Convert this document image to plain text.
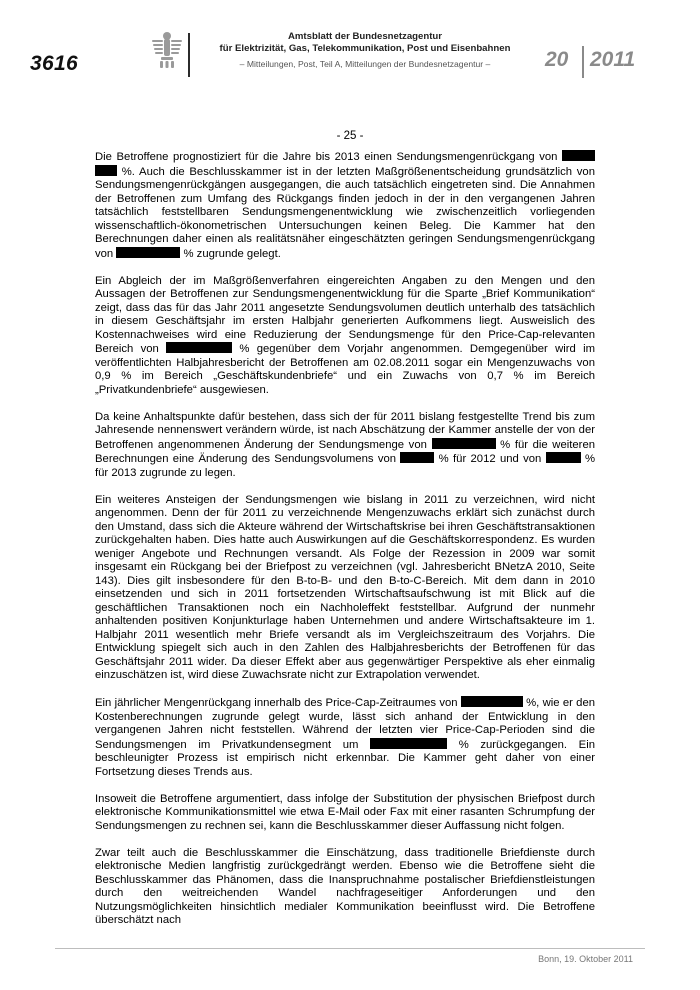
3616
Amtsblatt der Bundesnetzagentur
für Elektrizität, Gas, Telekommunikation, Post und Eisenbahnen
– Mitteilungen, Post, Teil A, Mitteilungen der Bundesnetzagentur –	20 2011
- 25 -

Die Betroffene prognostiziert für die Jahre bis 2013 einen Sendungsmengenrückgang von   %. Auch die Beschlusskammer ist in der letzten Maßgrößenentscheidung grundsätzlich von Sendungsmengenrückgängen ausgegangen, die auch tatsächlich eingetreten sind. Die Annahmen der Betroffenen zum Umfang des Rückgangs finden jedoch in der in den vergangenen Jahren tatsächlich feststellbaren Sendungsmengenentwicklung wie zwischenzeitlich vorliegenden wissenschaftlich-ökonometrischen Untersuchungen keinen Beleg. Die Kammer hat den Berechnungen daher einen als realitätsnäher eingeschätzten geringen Sendungsmengenrückgang von	% zugrunde gelegt.

Ein Abgleich der im Maßgrößenverfahren eingereichten Angaben zu den Mengen und den Aussagen der Betroffenen zur Sendungsmengenentwicklung für die Sparte „Brief Kommunikation“ zeigt, dass das für das Jahr 2011 angesetzte Sendungsvolumen deutlich unterhalb des tatsächlich in diesem Geschäftsjahr im ersten Halbjahr generierten Aufkommens liegt. Ausweislich des Kostennachweises wird eine Reduzierung der Sendungsmenge für den Price-Cap-relevanten Bereich von	% gegenüber dem Vorjahr angenommen. Demgegenüber wird im veröffentlichten Halbjahresbericht der Betroffenen am 02.08.2011 sogar ein Mengenzuwachs von 0,9 % im Bereich „Geschäftskundenbriefe“ und ein Zuwachs von 0,7 % im Bereich „Privatkundenbriefe“ ausgewiesen.

Da keine Anhaltspunkte dafür bestehen, dass sich der für 2011 bislang festgestellte Trend bis zum Jahresende nennenswert verändern würde, ist nach Abschätzung der Kammer anstelle der von der Betroffenen angenommenen Änderung der Sendungsmenge von	% für die weiteren Berechnungen eine Änderung des Sendungsvolumens von	% für 2012 und von	% für 2013 zugrunde zu legen.

Ein weiteres Ansteigen der Sendungsmengen wie bislang in 2011 zu verzeichnen, wird nicht angenommen. Denn der für 2011 zu verzeichnende Mengenzuwachs erklärt sich zunächst durch den Umstand, dass sich die Akteure während der Wirtschaftskrise bei ihren Geschäftstransaktionen zurückgehalten haben. Dies hatte auch Auswirkungen auf die Geschäftskorrespondenz. Es wurden weniger Angebote und Rechnungen versandt. Als Folge der Rezession in 2009 war somit insgesamt ein Rückgang bei der Briefpost zu verzeichnen (vgl. Jahresbericht BNetzA 2010, Seite 143). Dies gilt insbesondere für den B-to-B- und den B-to-C-Bereich. Mit dem dann in 2010 einsetzenden und sich in 2011 fortsetzenden Wirtschaftsaufschwung ist mit Blick auf die geschäftlichen Transaktionen noch ein Nachholeffekt feststellbar. Aufgrund der nunmehr anhaltenden positiven Konjunkturlage haben Unternehmen und andere Wirtschaftsakteure im 1. Halbjahr 2011 wesentlich mehr Briefe versandt als im Vergleichszeitraum des Vorjahrs. Die Entwicklung spiegelt sich auch in den Zahlen des Halbjahresberichts der Betroffenen für das Geschäftsjahr 2011 wider. Da dieser Effekt aber aus gegenwärtiger Perspektive als eher einmalig einzuschätzen ist, wird diese Zuwachsrate nicht zur Extrapolation verwendet.

Ein jährlicher Mengenrückgang innerhalb des Price-Cap-Zeitraumes von	%, wie er den Kostenberechnungen zugrunde gelegt wurde, lässt sich anhand der Entwicklung in den vergangenen Jahren nicht feststellen. Während der letzten vier Price-Cap-Perioden sind die Sendungsmengen im Privatkundensegment um	% zurückgegangen. Ein beschleunigter Prozess ist empirisch nicht erkennbar. Die Kammer geht daher von einer Fortsetzung dieses Trends aus.

Insoweit die Betroffene argumentiert, dass infolge der Substitution der physischen Briefpost durch elektronische Kommunikationsmittel wie etwa E-Mail oder Fax mit einer rasanten Schrumpfung der Sendungsmengen zu rechnen sei, kann die Beschlusskammer dieser Auffassung nicht folgen.

Zwar teilt auch die Beschlusskammer die Einschätzung, dass traditionelle Briefdienste durch elektronische Medien langfristig zurückgedrängt werden. Ebenso wie die Betroffene sieht die Beschlusskammer das Phänomen, dass die Inanspruchnahme postalischer Briefdienstleistungen durch den weitreichenden Wandel nachfrageseitiger Anforderungen und den Nutzungsmöglichkeiten hinsichtlich medialer Kommunikation beeinflusst wird. Die Betroffene überschätzt nach

Bonn, 19. Oktober 2011
